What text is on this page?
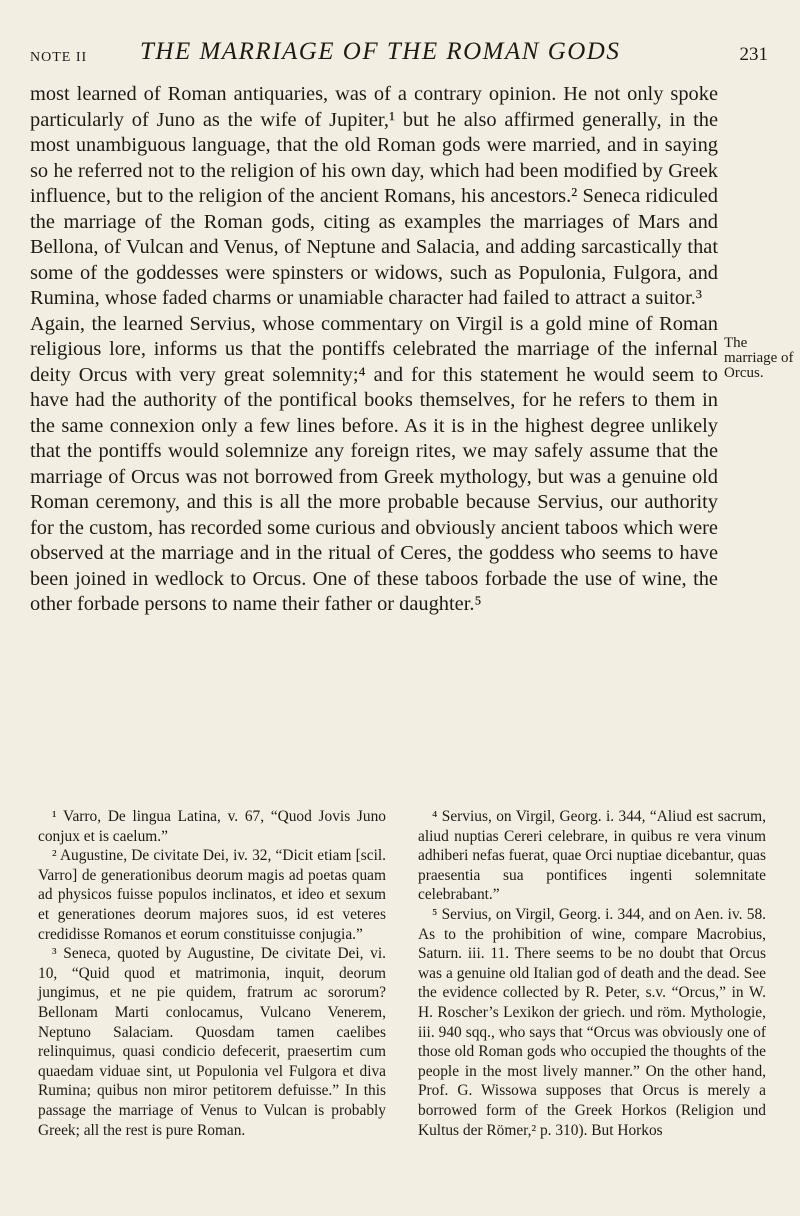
NOTE II THE MARRIAGE OF THE ROMAN GODS	231

most learned of Roman antiquaries, was of a contrary opinion. He not only spoke particularly of Juno as the wife of Jupiter,¹ but he also affirmed generally, in the most unambiguous language, that the old Roman gods were married, and in saying so he referred not to the religion of his own day, which had been modified by Greek influence, but to the religion of the ancient Romans, his ancestors.² Seneca ridiculed the marriage of the Roman gods, citing as examples the marriages of Mars and Bellona, of Vulcan and Venus, of Neptune and Salacia, and adding sarcastically that some of the goddesses were spinsters or widows, such as Populonia, Fulgora, and Rumina, whose faded charms or unamiable character had failed to attract a suitor.³

Again, the learned Servius, whose commentary on Virgil is a gold mine of Roman religious lore, informs us that the pontiffs celebrated the marriage of the infernal deity Orcus with very great solemnity;⁴ and for this statement he would seem to have had the authority of the pontifical books themselves, for he refers to them in the same connexion only a few lines before. As it is in the highest degree unlikely that the pontiffs would solemnize any foreign rites, we may safely assume that the marriage of Orcus was not borrowed from Greek mythology, but was a genuine old Roman ceremony, and this is all the more probable because Servius, our authority for the custom, has recorded some curious and obviously ancient taboos which were observed at the marriage and in the ritual of Ceres, the goddess who seems to have been joined in wedlock to Orcus. One of these taboos forbade the use of wine, the other forbade persons to name their father or daughter.⁵

The marriage of Orcus.

¹ Varro, De lingua Latina, v. 67, “Quod Jovis Juno conjux et is caelum.”

² Augustine, De civitate Dei, iv. 32, “Dicit etiam [scil. Varro] de generationibus deorum magis ad poetas quam ad physicos fuisse populos inclinatos, et ideo et sexum et generationes deorum majores suos, id est veteres credidisse Romanos et eorum constituisse conjugia.”

³ Seneca, quoted by Augustine, De civitate Dei, vi. 10, “Quid quod et matrimonia, inquit, deorum jungimus, et ne pie quidem, fratrum ac sororum? Bellonam Marti conlocamus, Vulcano Venerem, Neptuno Salaciam. Quosdam tamen caelibes relinquimus, quasi condicio defecerit, praesertim cum quaedam viduae sint, ut Populonia vel Fulgora et diva Rumina; quibus non miror petitorem defuisse.” In this passage the marriage of Venus to Vulcan is probably Greek; all the rest is pure Roman.

⁴ Servius, on Virgil, Georg. i. 344, “Aliud est sacrum, aliud nuptias Cereri celebrare, in quibus re vera vinum adhiberi nefas fuerat, quae Orci nuptiae dicebantur, quas praesentia sua pontifices ingenti solemnitate celebrabant.”

⁵ Servius, on Virgil, Georg. i. 344, and on Aen. iv. 58. As to the prohibition of wine, compare Macrobius, Saturn. iii. 11. There seems to be no doubt that Orcus was a genuine old Italian god of death and the dead. See the evidence collected by R. Peter, s.v. “Orcus,” in W. H. Roscher’s Lexikon der griech. und röm. Mythologie, iii. 940 sqq., who says that “Orcus was obviously one of those old Roman gods who occupied the thoughts of the people in the most lively manner.” On the other hand, Prof. G. Wissowa supposes that Orcus is merely a borrowed form of the Greek Horkos (Religion und Kultus der Römer,² p. 310). But Horkos
